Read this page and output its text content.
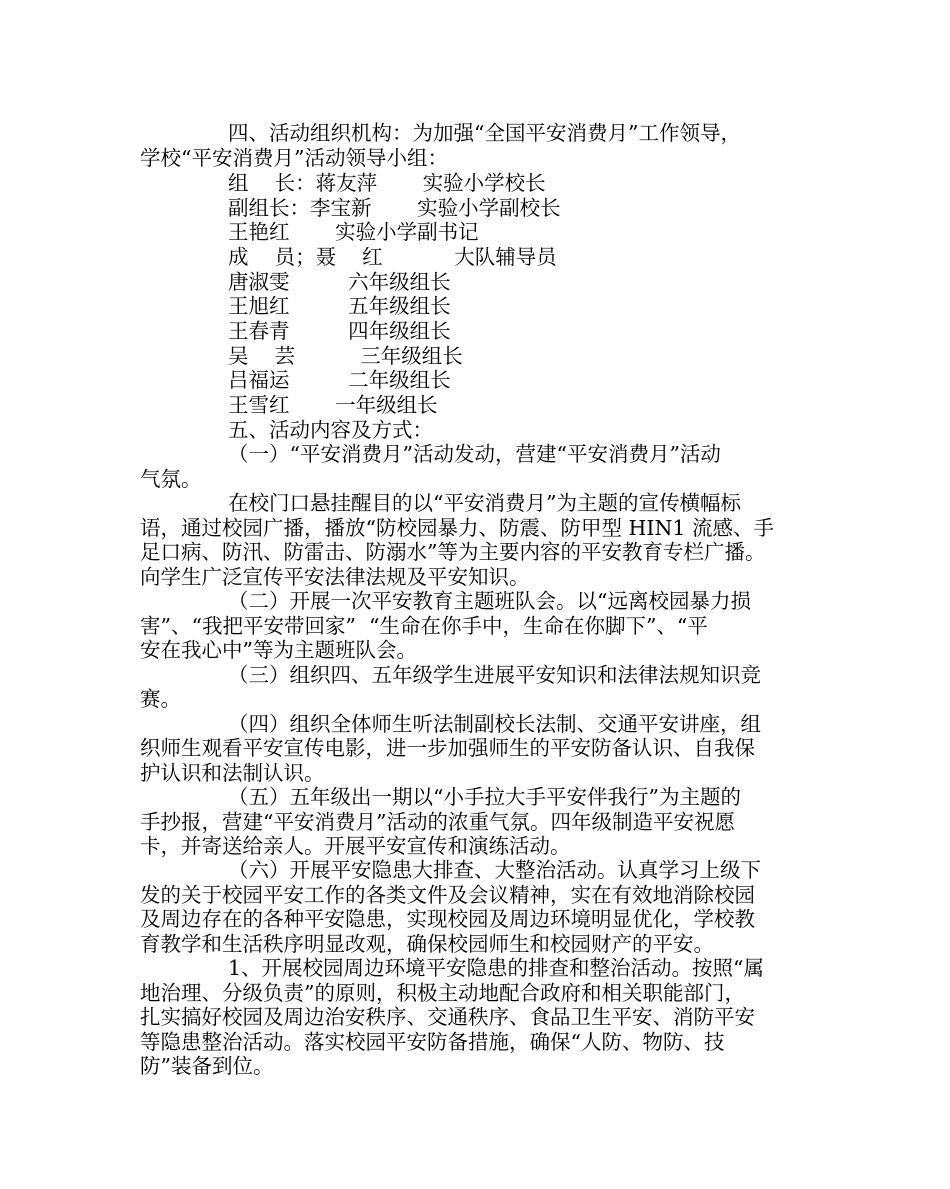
四、活动组织机构：为加强“全国平安消费月”工作领导，
学校“平安消费月”活动领导小组：
组    长：蒋友萍       实验小学校长
副组长：李宝新       实验小学副校长
王艳红       实验小学副书记
成    员；聂    红           大队辅导员
唐淑雯         六年级组长
王旭红         五年级组长
王春青         四年级组长
吴    芸          三年级组长
吕福运         二年级组长
王雪红       一年级组长
五、活动内容及方式：
（一）“平安消费月”活动发动，营建“平安消费月”活动
气氛。
在校门口悬挂醒目的以“平安消费月”为主题的宣传横幅标
语，通过校园广播，播放“防校园暴力、防震、防甲型 HIN1 流感、手
足口病、防汛、防雷击、防溺水”等为主要内容的平安教育专栏广播。
向学生广泛宣传平安法律法规及平安知识。
（二）开展一次平安教育主题班队会。以“远离校园暴力损
害”、“我把平安带回家”  “生命在你手中，生命在你脚下”、“平
安在我心中”等为主题班队会。
（三）组织四、五年级学生进展平安知识和法律法规知识竞
赛。
（四）组织全体师生听法制副校长法制、交通平安讲座，组
织师生观看平安宣传电影，进一步加强师生的平安防备认识、自我保
护认识和法制认识。
（五）五年级出一期以“小手拉大手平安伴我行”为主题的
手抄报，营建“平安消费月”活动的浓重气氛。四年级制造平安祝愿
卡，并寄送给亲人。开展平安宣传和演练活动。
（六）开展平安隐患大排查、大整治活动。认真学习上级下
发的关于校园平安工作的各类文件及会议精神，实在有效地消除校园
及周边存在的各种平安隐患，实现校园及周边环境明显优化，学校教
育教学和生活秩序明显改观，确保校园师生和校园财产的平安。
1、开展校园周边环境平安隐患的排查和整治活动。按照“属
地治理、分级负责”的原则，积极主动地配合政府和相关职能部门，
扎实搞好校园及周边治安秩序、交通秩序、食品卫生平安、消防平安
等隐患整治活动。落实校园平安防备措施，确保“人防、物防、技
防”装备到位。
